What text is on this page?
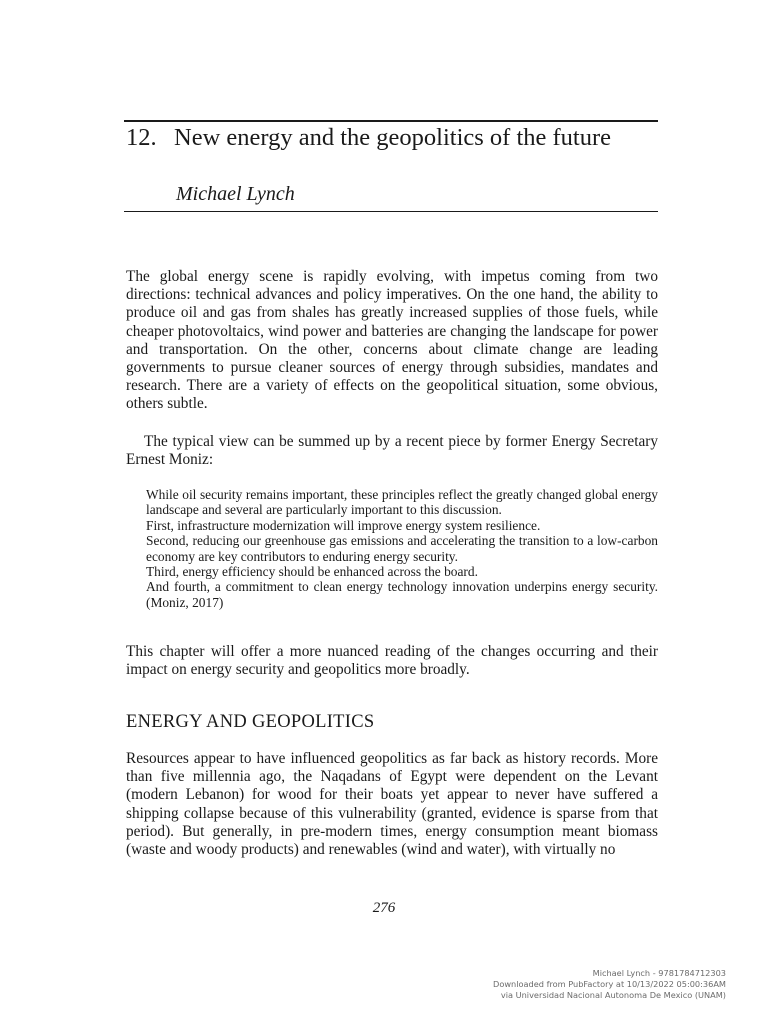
12. New energy and the geopolitics of the future
Michael Lynch

The global energy scene is rapidly evolving, with impetus coming from two directions: technical advances and policy imperatives. On the one hand, the ability to produce oil and gas from shales has greatly increased supplies of those fuels, while cheaper photovoltaics, wind power and batteries are changing the landscape for power and transportation. On the other, concerns about climate change are leading governments to pursue cleaner sources of energy through subsidies, mandates and research. There are a variety of effects on the geopolitical situation, some obvious, others subtle.

The typical view can be summed up by a recent piece by former Energy Secretary Ernest Moniz:

While oil security remains important, these principles reflect the greatly changed global energy landscape and several are particularly important to this discussion.

First, infrastructure modernization will improve energy system resilience.

Second, reducing our greenhouse gas emissions and accelerating the transition to a low-carbon economy are key contributors to enduring energy security.

Third, energy efficiency should be enhanced across the board.

And fourth, a commitment to clean energy technology innovation underpins energy security. (Moniz, 2017)

This chapter will offer a more nuanced reading of the changes occurring and their impact on energy security and geopolitics more broadly.

ENERGY AND GEOPOLITICS

Resources appear to have influenced geopolitics as far back as history records. More than five millennia ago, the Naqadans of Egypt were dependent on the Levant (modern Lebanon) for wood for their boats yet appear to never have suffered a shipping collapse because of this vulnerability (granted, evidence is sparse from that period). But generally, in pre-modern times, energy consumption meant biomass (waste and woody products) and renewables (wind and water), with virtually no

276
Michael Lynch - 9781784712303
Downloaded from PubFactory at 10/13/2022 05:00:36AM
via Universidad Nacional Autonoma De Mexico (UNAM)
